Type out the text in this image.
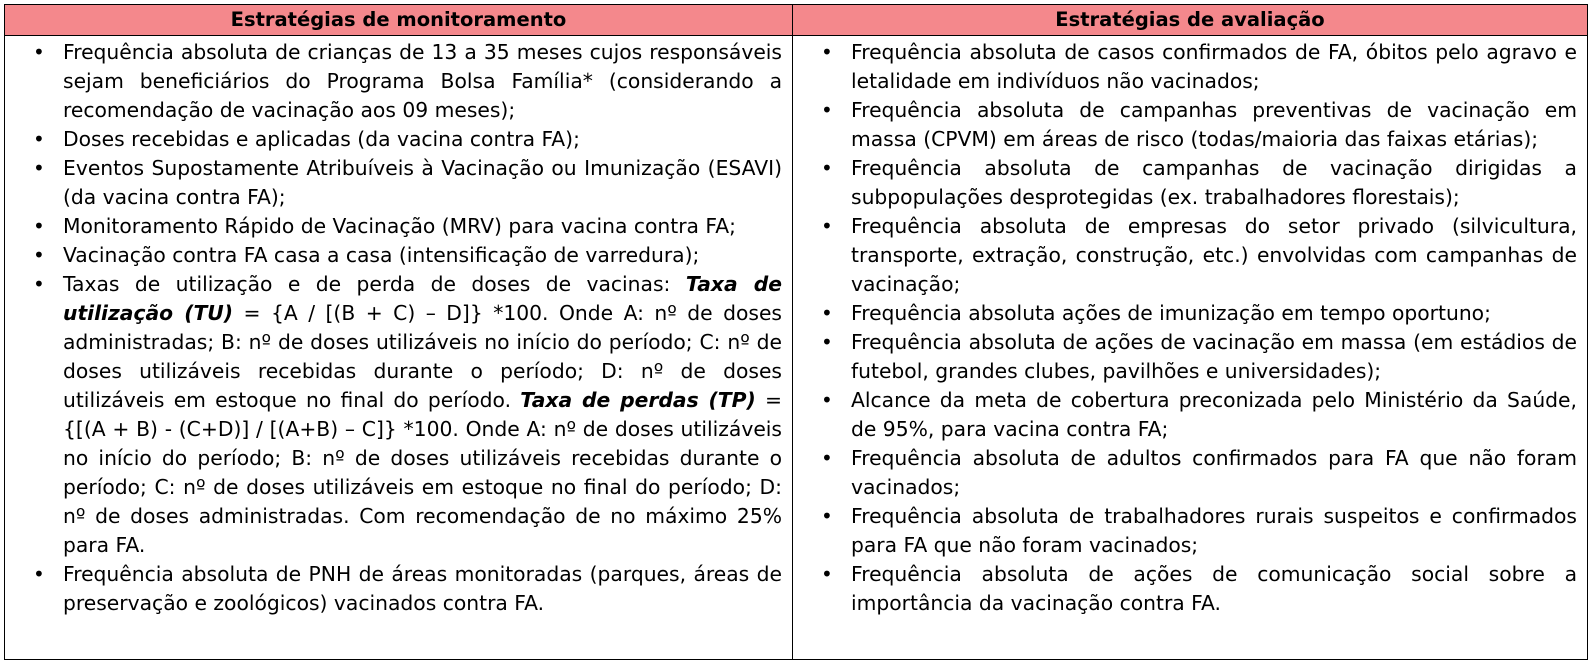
Estratégias de monitoramento	Estratégias de avaliação
• Frequência absoluta de crianças de 13 a 35 meses cujos responsáveis sejam beneficiários do Programa Bolsa Família* (considerando a recomendação de vacinação aos 09 meses);
• Doses recebidas e aplicadas (da vacina contra FA);
• Eventos Supostamente Atribuíveis à Vacinação ou Imunização (ESAVI) (da vacina contra FA);
• Monitoramento Rápido de Vacinação (MRV) para vacina contra FA;
• Vacinação contra FA casa a casa (intensificação de varredura);
• Taxas de utilização e de perda de doses de vacinas: Taxa de utilização (TU) = {A / [(B + C) – D]} *100. Onde A: nº de doses administradas; B: nº de doses utilizáveis no início do período; C: nº de doses utilizáveis recebidas durante o período; D: nº de doses utilizáveis em estoque no final do período. Taxa de perdas (TP) = {[(A + B) - (C+D)] / [(A+B) – C]} *100. Onde A: nº de doses utilizáveis no início do período; B: nº de doses utilizáveis recebidas durante o período; C: nº de doses utilizáveis em estoque no final do período; D: nº de doses administradas. Com recomendação de no máximo 25% para FA.
• Frequência absoluta de PNH de áreas monitoradas (parques, áreas de preservação e zoológicos) vacinados contra FA.
• Frequência absoluta de casos confirmados de FA, óbitos pelo agravo e letalidade em indivíduos não vacinados;
• Frequência absoluta de campanhas preventivas de vacinação em massa (CPVM) em áreas de risco (todas/maioria das faixas etárias);
• Frequência absoluta de campanhas de vacinação dirigidas a subpopulações desprotegidas (ex. trabalhadores florestais);
• Frequência absoluta de empresas do setor privado (silvicultura, transporte, extração, construção, etc.) envolvidas com campanhas de vacinação;
• Frequência absoluta ações de imunização em tempo oportuno;
• Frequência absoluta de ações de vacinação em massa (em estádios de futebol, grandes clubes, pavilhões e universidades);
• Alcance da meta de cobertura preconizada pelo Ministério da Saúde, de 95%, para vacina contra FA;
• Frequência absoluta de adultos confirmados para FA que não foram vacinados;
• Frequência absoluta de trabalhadores rurais suspeitos e confirmados para FA que não foram vacinados;
• Frequência absoluta de ações de comunicação social sobre a importância da vacinação contra FA.
